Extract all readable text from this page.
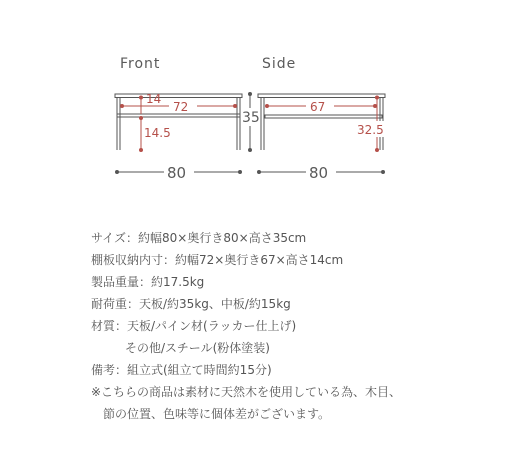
Front	Side
72
14
14.5
35
67
32.5
80	80
サイズ：約幅80×奥行き80×高さ35cm
棚板収納内寸：約幅72×奥行き67×高さ14cm
製品重量：約17.5kg
耐荷重：天板/約35kg、中板/約15kg
材質：天板/パイン材(ラッカー仕上げ)
その他/スチール(粉体塗装)
備考：組立式(組立て時間約15分)
※こちらの商品は素材に天然木を使用している為、木目、
節の位置、色味等に個体差がございます。
